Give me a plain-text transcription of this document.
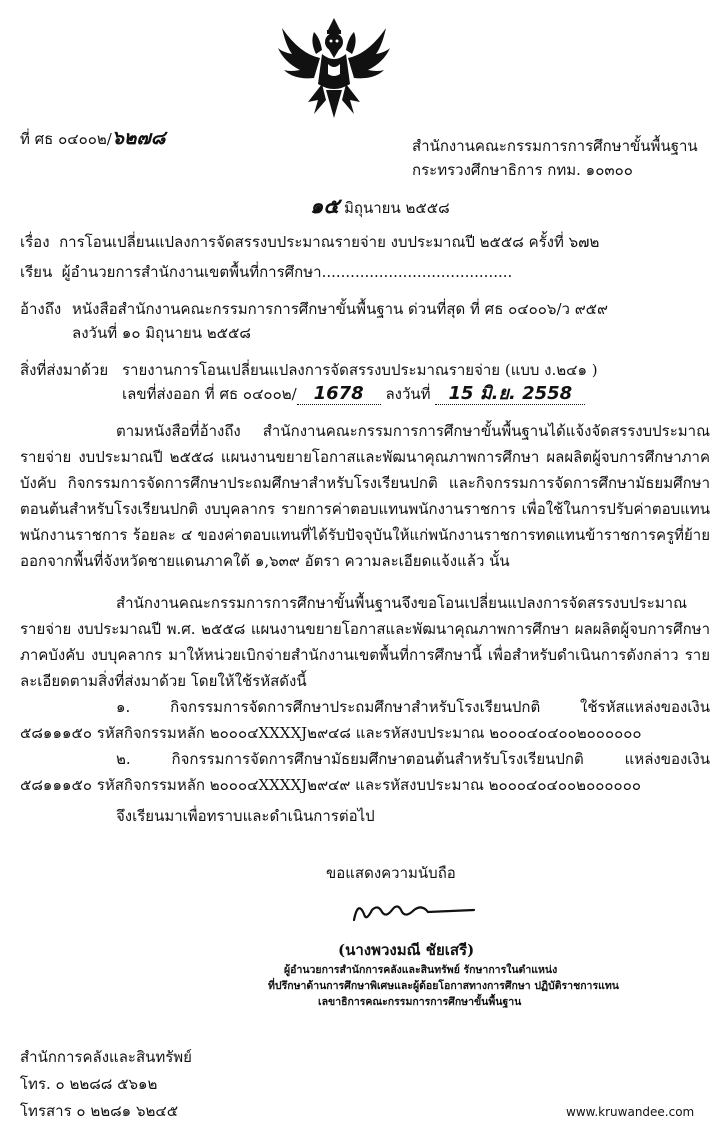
ที่ ศธ ๐๔๐๐๒/๖๒๗๘	สำนักงานคณะกรรมการการศึกษาขั้นพื้นฐาน
กระทรวงศึกษาธิการ กทม. ๑๐๓๐๐
๑๕ มิถุนายน ๒๕๕๘
เรื่อง การโอนเปลี่ยนแปลงการจัดสรรงบประมาณรายจ่าย งบประมาณปี ๒๕๕๘ ครั้งที่ ๖๗๒
เรียน ผู้อำนวยการสำนักงานเขตพื้นที่การศึกษา........................................
อ้างถึง หนังสือสำนักงานคณะกรรมการการศึกษาขั้นพื้นฐาน ด่วนที่สุด ที่ ศธ ๐๔๐๐๖/ว ๙๕๙
ลงวันที่ ๑๐ มิถุนายน ๒๕๕๘
สิ่งที่ส่งมาด้วย รายงานการโอนเปลี่ยนแปลงการจัดสรรงบประมาณรายจ่าย (แบบ ง.๒๔๑ )
เลขที่ส่งออก ที่ ศธ ๐๔๐๐๒/ 1678 ลงวันที่ 15 มิ.ย. 2558

ตามหนังสือที่อ้างถึง สำนักงานคณะกรรมการการศึกษาขั้นพื้นฐานได้แจ้งจัดสรรงบประมาณรายจ่าย งบประมาณปี ๒๕๕๘ แผนงานขยายโอกาสและพัฒนาคุณภาพการศึกษา ผลผลิตผู้จบการศึกษาภาคบังคับ กิจกรรมการจัดการศึกษาประถมศึกษาสำหรับโรงเรียนปกติ และกิจกรรมการจัดการศึกษามัธยมศึกษาตอนต้นสำหรับโรงเรียนปกติ งบบุคลากร รายการค่าตอบแทนพนักงานราชการ เพื่อใช้ในการปรับค่าตอบแทนพนักงานราชการ ร้อยละ ๔ ของค่าตอบแทนที่ได้รับปัจจุบันให้แก่พนักงานราชการทดแทนข้าราชการครูที่ย้ายออกจากพื้นที่จังหวัดชายแดนภาคใต้ ๑,๖๓๙ อัตรา ความละเอียดแจ้งแล้ว นั้น

สำนักงานคณะกรรมการการศึกษาขั้นพื้นฐานจึงขอโอนเปลี่ยนแปลงการจัดสรรงบประมาณรายจ่าย งบประมาณปี พ.ศ. ๒๕๕๘ แผนงานขยายโอกาสและพัฒนาคุณภาพการศึกษา ผลผลิตผู้จบการศึกษาภาคบังคับ งบบุคลากร มาให้หน่วยเบิกจ่ายสำนักงานเขตพื้นที่การศึกษานี้ เพื่อสำหรับดำเนินการดังกล่าว รายละเอียดตามสิ่งที่ส่งมาด้วย โดยให้ใช้รหัสดังนี้

๑. กิจกรรมการจัดการศึกษาประถมศึกษาสำหรับโรงเรียนปกติ ใช้รหัสแหล่งของเงิน ๕๘๑๑๑๕๐ รหัสกิจกรรมหลัก ๒๐๐๐๔XXXXJ๒๙๔๘ และรหัสงบประมาณ ๒๐๐๐๔๐๔๐๐๒๐๐๐๐๐๐

๒. กิจกรรมการจัดการศึกษามัธยมศึกษาตอนต้นสำหรับโรงเรียนปกติ แหล่งของเงิน ๕๘๑๑๑๕๐ รหัสกิจกรรมหลัก ๒๐๐๐๔XXXXJ๒๙๔๙ และรหัสงบประมาณ ๒๐๐๐๔๐๔๐๐๒๐๐๐๐๐๐

จึงเรียนมาเพื่อทราบและดำเนินการต่อไป
ขอแสดงความนับถือ
(นางพวงมณี ชัยเสรี)
ผู้อำนวยการสำนักการคลังและสินทรัพย์ รักษาการในตำแหน่ง
ที่ปรึกษาด้านการศึกษาพิเศษและผู้ด้อยโอกาสทางการศึกษา ปฏิบัติราชการแทน
เลขาธิการคณะกรรมการการศึกษาขั้นพื้นฐาน
สำนักการคลังและสินทรัพย์
โทร. ๐ ๒๒๘๘ ๕๖๑๒
โทรสาร ๐ ๒๒๘๑ ๖๒๔๕	www.kruwandee.com
